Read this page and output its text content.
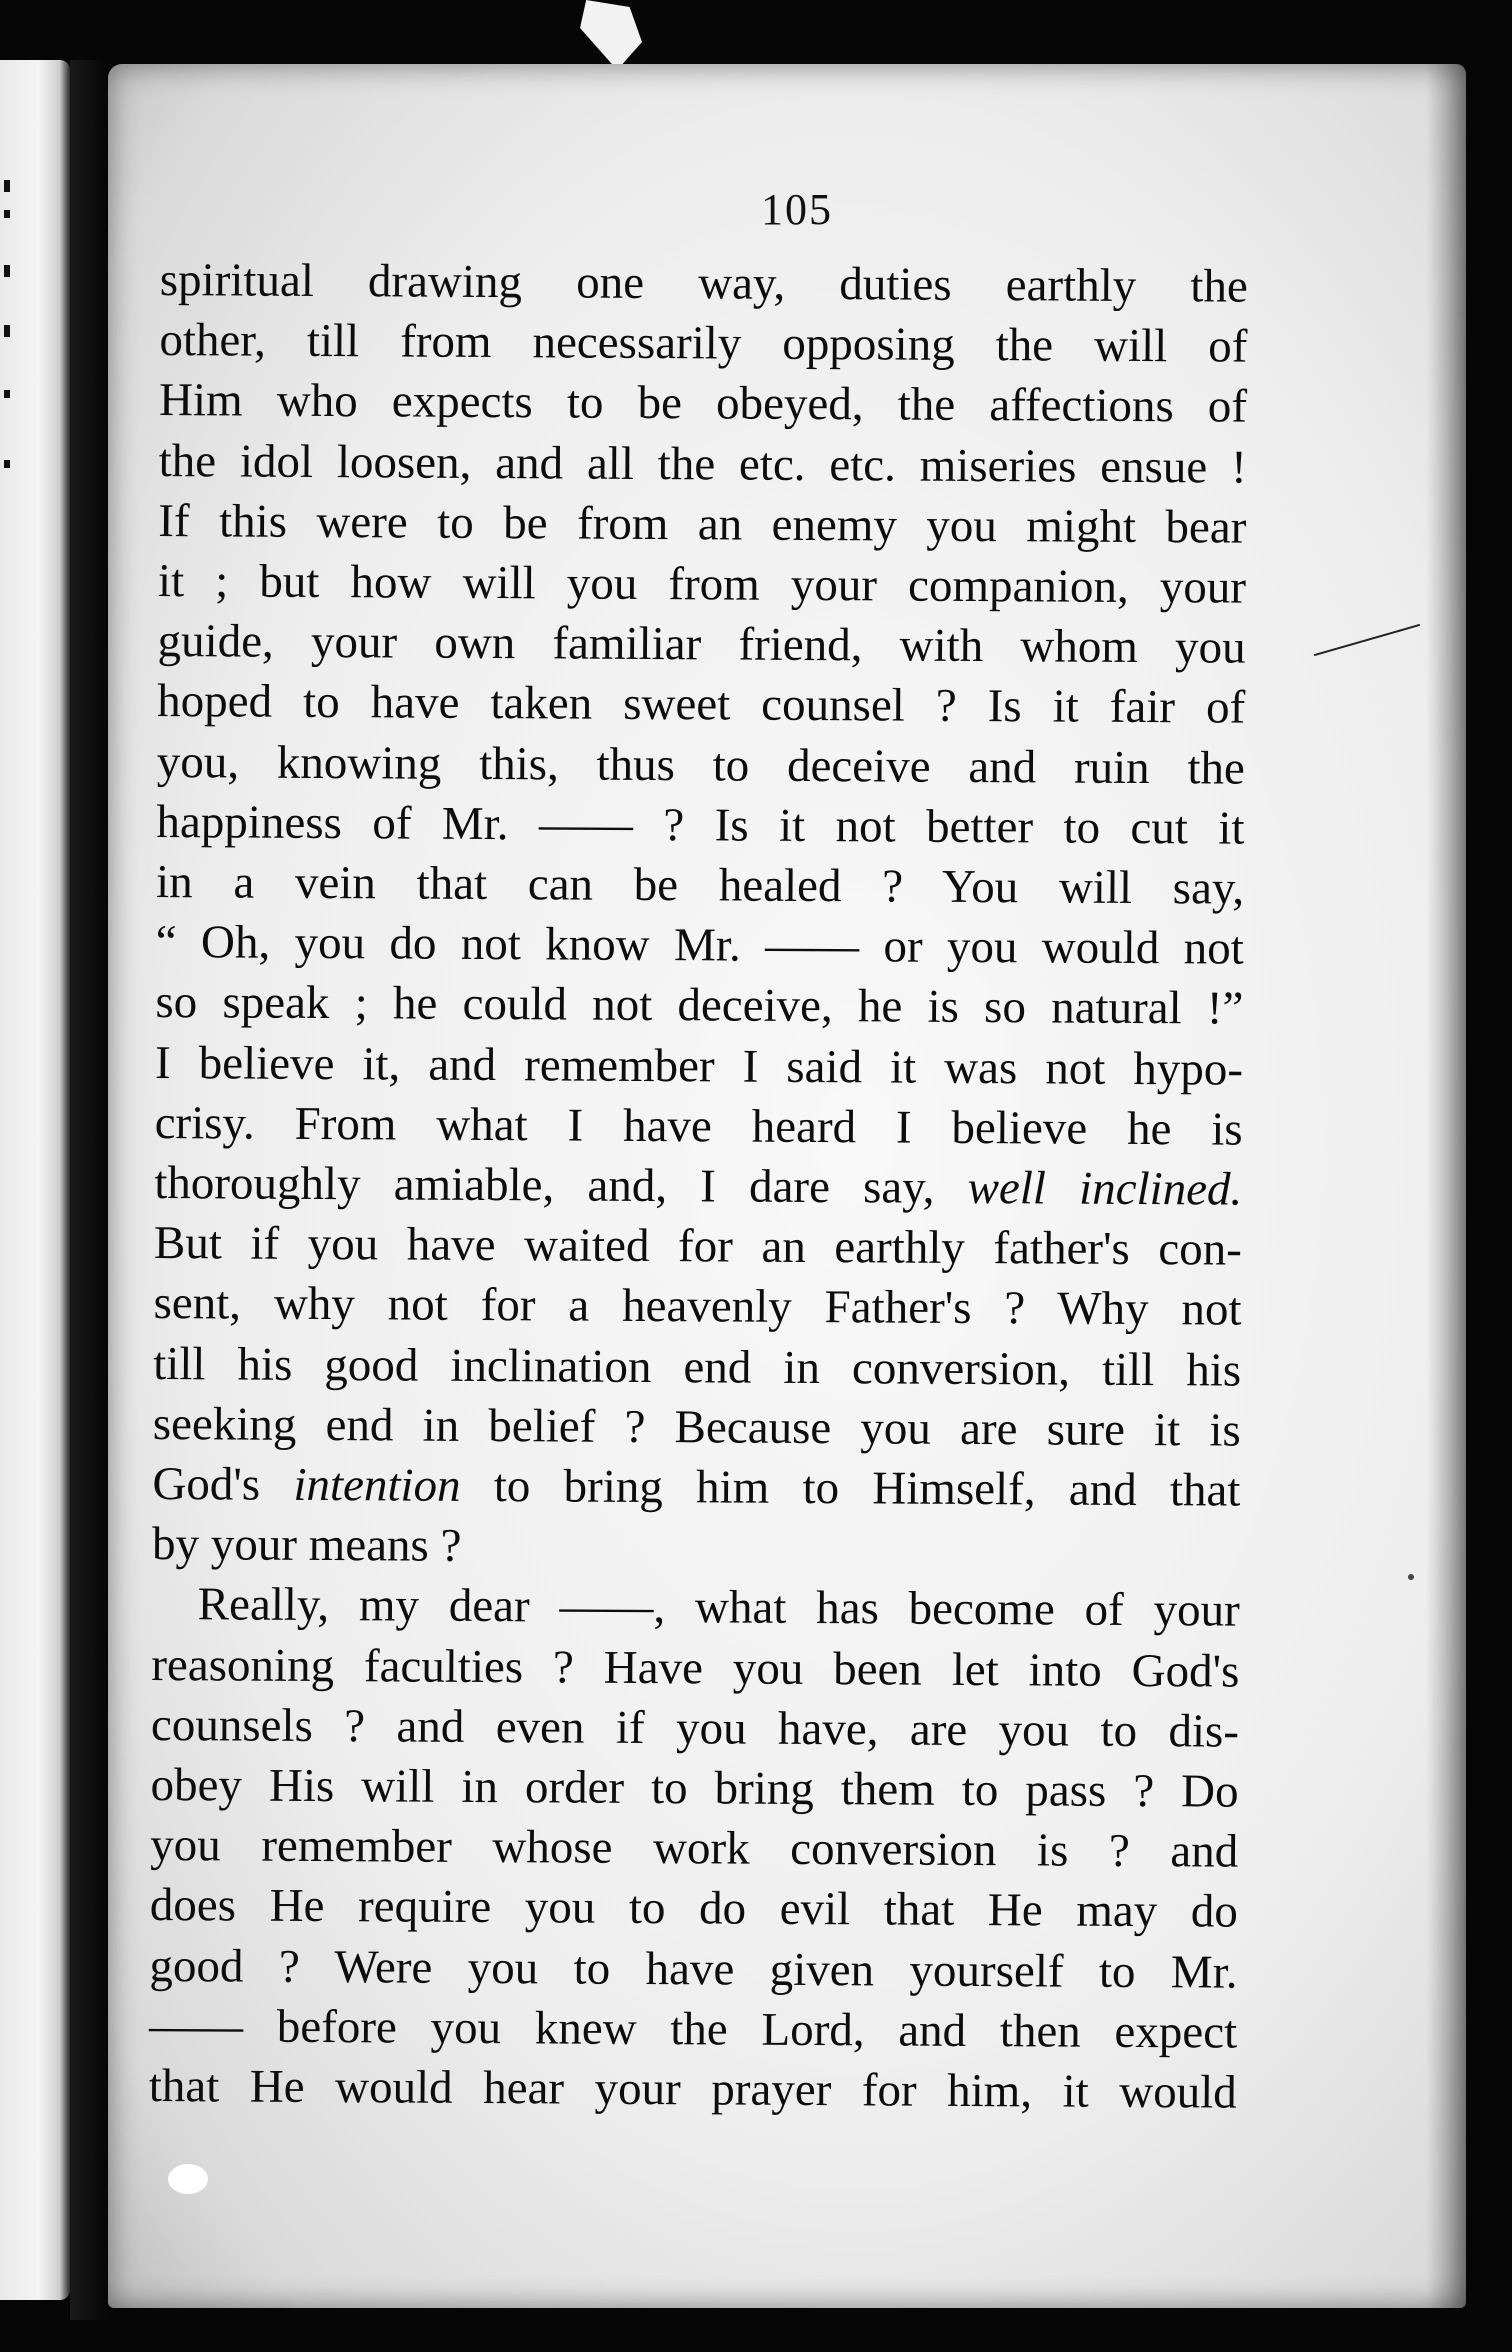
105
spiritual drawing one way, duties earthly the
other, till from necessarily opposing the will of
Him who expects to be obeyed, the affections of
the idol loosen, and all the etc. etc. miseries ensue !
If this were to be from an enemy you might bear
it ; but how will you from your companion, your
guide, your own familiar friend, with whom you
hoped to have taken sweet counsel ? Is it fair of
you, knowing this, thus to deceive and ruin the
happiness of Mr. —— ? Is it not better to cut it
in a vein that can be healed ? You will say,
“ Oh, you do not know Mr. —— or you would not
so speak ; he could not deceive, he is so natural !”
I believe it, and remember I said it was not hypo-
crisy. From what I have heard I believe he is
thoroughly amiable, and, I dare say, well inclined.
But if you have waited for an earthly father's con-
sent, why not for a heavenly Father's ? Why not
till his good inclination end in conversion, till his
seeking end in belief ? Because you are sure it is
God's intention to bring him to Himself, and that
by your means ?
Really, my dear ——, what has become of your
reasoning faculties ? Have you been let into God's
counsels ? and even if you have, are you to dis-
obey His will in order to bring them to pass ? Do
you remember whose work conversion is ? and
does He require you to do evil that He may do
good ? Were you to have given yourself to Mr.
—— before you knew the Lord, and then expect
that He would hear your prayer for him, it would
